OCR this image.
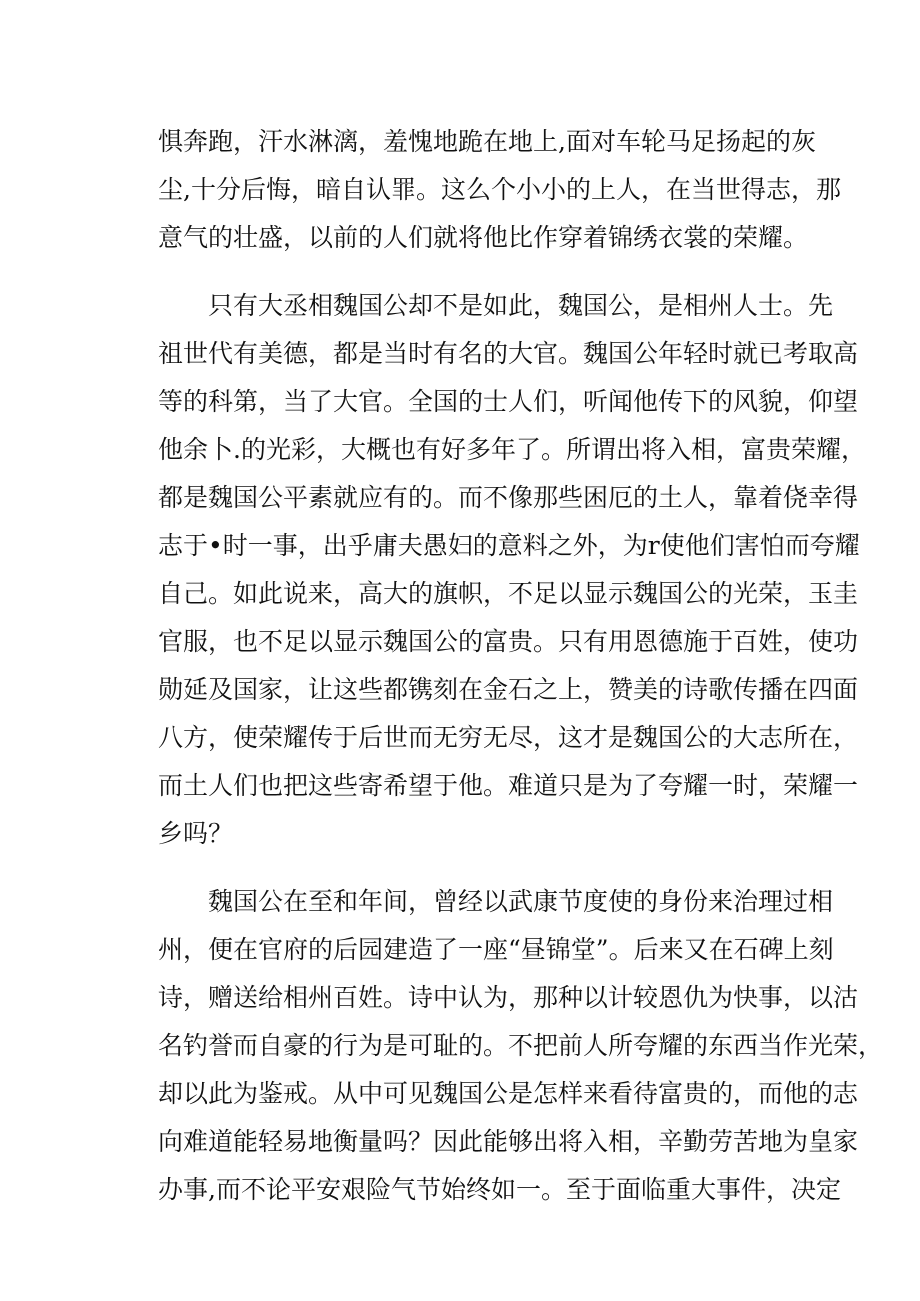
惧奔跑，汗水淋漓，羞愧地跪在地上,面对车轮马足扬起的灰
尘,十分后悔，暗自认罪。这么个小小的上人，在当世得志，那
意气的壮盛，以前的人们就将他比作穿着锦绣衣裳的荣耀。
只有大丞相魏国公却不是如此，魏国公，是相州人士。先
祖世代有美德，都是当时有名的大官。魏国公年轻时就已考取高
等的科第，当了大官。全国的士人们，听闻他传下的风貌，仰望
他余卜.的光彩，大概也有好多年了。所谓出将入相，富贵荣耀，
都是魏国公平素就应有的。而不像那些困厄的土人，靠着侥幸得
志于•时一事，出乎庸夫愚妇的意料之外，为r使他们害怕而夸耀
自己。如此说来，高大的旗帜，不足以显示魏国公的光荣，玉圭
官服，也不足以显示魏国公的富贵。只有用恩德施于百姓，使功
勋延及国家，让这些都镌刻在金石之上，赞美的诗歌传播在四面
八方，使荣耀传于后世而无穷无尽，这才是魏国公的大志所在，
而土人们也把这些寄希望于他。难道只是为了夸耀一时，荣耀一
乡吗？
魏国公在至和年间，曾经以武康节度使的身份来治理过相
州，便在官府的后园建造了一座“昼锦堂”。后来又在石碑上刻
诗，赠送给相州百姓。诗中认为，那种以计较恩仇为快事，以沽
名钓誉而自豪的行为是可耻的。不把前人所夸耀的东西当作光荣，
却以此为鉴戒。从中可见魏国公是怎样来看待富贵的，而他的志
向难道能轻易地衡量吗？因此能够出将入相，辛勤劳苦地为皇家
办事,而不论平安艰险气节始终如一。至于面临重大事件，决定
